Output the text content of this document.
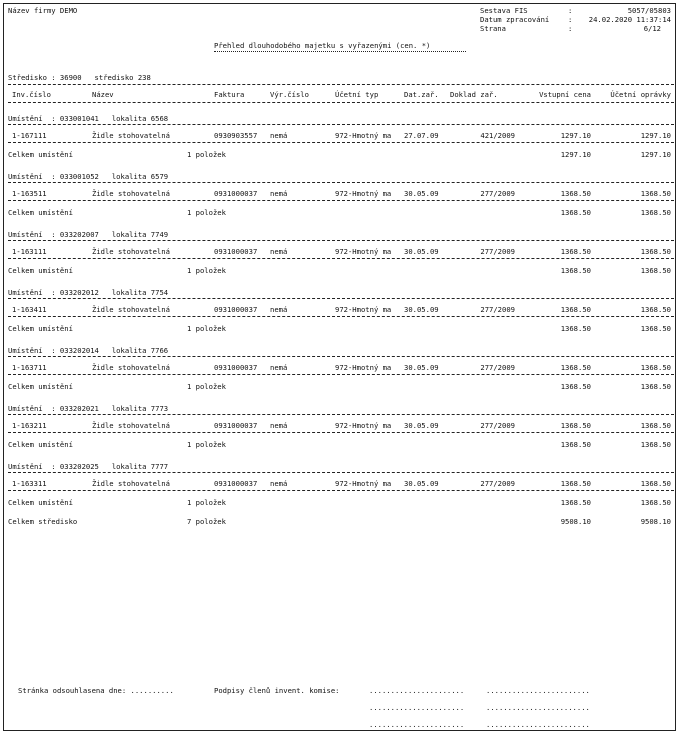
Název firmy DEMO	Sestava FIS	:	5057/05803
Datum zpracování	: 24.02.2020 11:37:14
Strana	:	6/12
Přehled dlouhodobého majetku s vyřazenými (cen. *)
Středisko : 36900   středisko 238
Celkem středisko	7 položek	9508.10	9508.10
Stránka odsouhlasena dne: ..........	Podpisy členů invent. komise:	......................	........................
......................	........................
......................	........................
Inv.číslo	Název	Faktura	Výr.číslo	Účetní typ	Dat.zař. Doklad zař.	Vstupní cena	Účetní oprávky
Umístění  : 033001041   lokalita 6568
1-167111	Židle stohovatelná	0930903557 nemá	972-Hmotný ma 27.07.09	421/2009	1297.10	1297.10
Celkem umístění	1 položek	1297.10	1297.10
Umístění  : 033001052   lokalita 6579
1-163511	Židle stohovatelná	0931000037 nemá	972-Hmotný ma 30.05.09	277/2009	1368.50	1368.50
Celkem umístění	1 položek	1368.50	1368.50
Umístění  : 033202007   lokalita 7749
1-163111	Židle stohovatelná	0931000037 nemá	972-Hmotný ma 30.05.09	277/2009	1368.50	1368.50
Celkem umístění	1 položek	1368.50	1368.50
Umístění  : 033202012   lokalita 7754
1-163411	Židle stohovatelná	0931000037 nemá	972-Hmotný ma 30.05.09	277/2009	1368.50	1368.50
Celkem umístění	1 položek	1368.50	1368.50
Umístění  : 033202014   lokalita 7766
1-163711	Židle stohovatelná	0931000037 nemá	972-Hmotný ma 30.05.09	277/2009	1368.50	1368.50
Celkem umístění	1 položek	1368.50	1368.50
Umístění  : 033202021   lokalita 7773
1-163211	Židle stohovatelná	0931000037 nemá	972-Hmotný ma 30.05.09	277/2009	1368.50	1368.50
Celkem umístění	1 položek	1368.50	1368.50
Umístění  : 033202025   lokalita 7777
1-163311	Židle stohovatelná	0931000037 nemá	972-Hmotný ma 30.05.09	277/2009	1368.50	1368.50
Celkem umístění	1 položek	1368.50	1368.50
